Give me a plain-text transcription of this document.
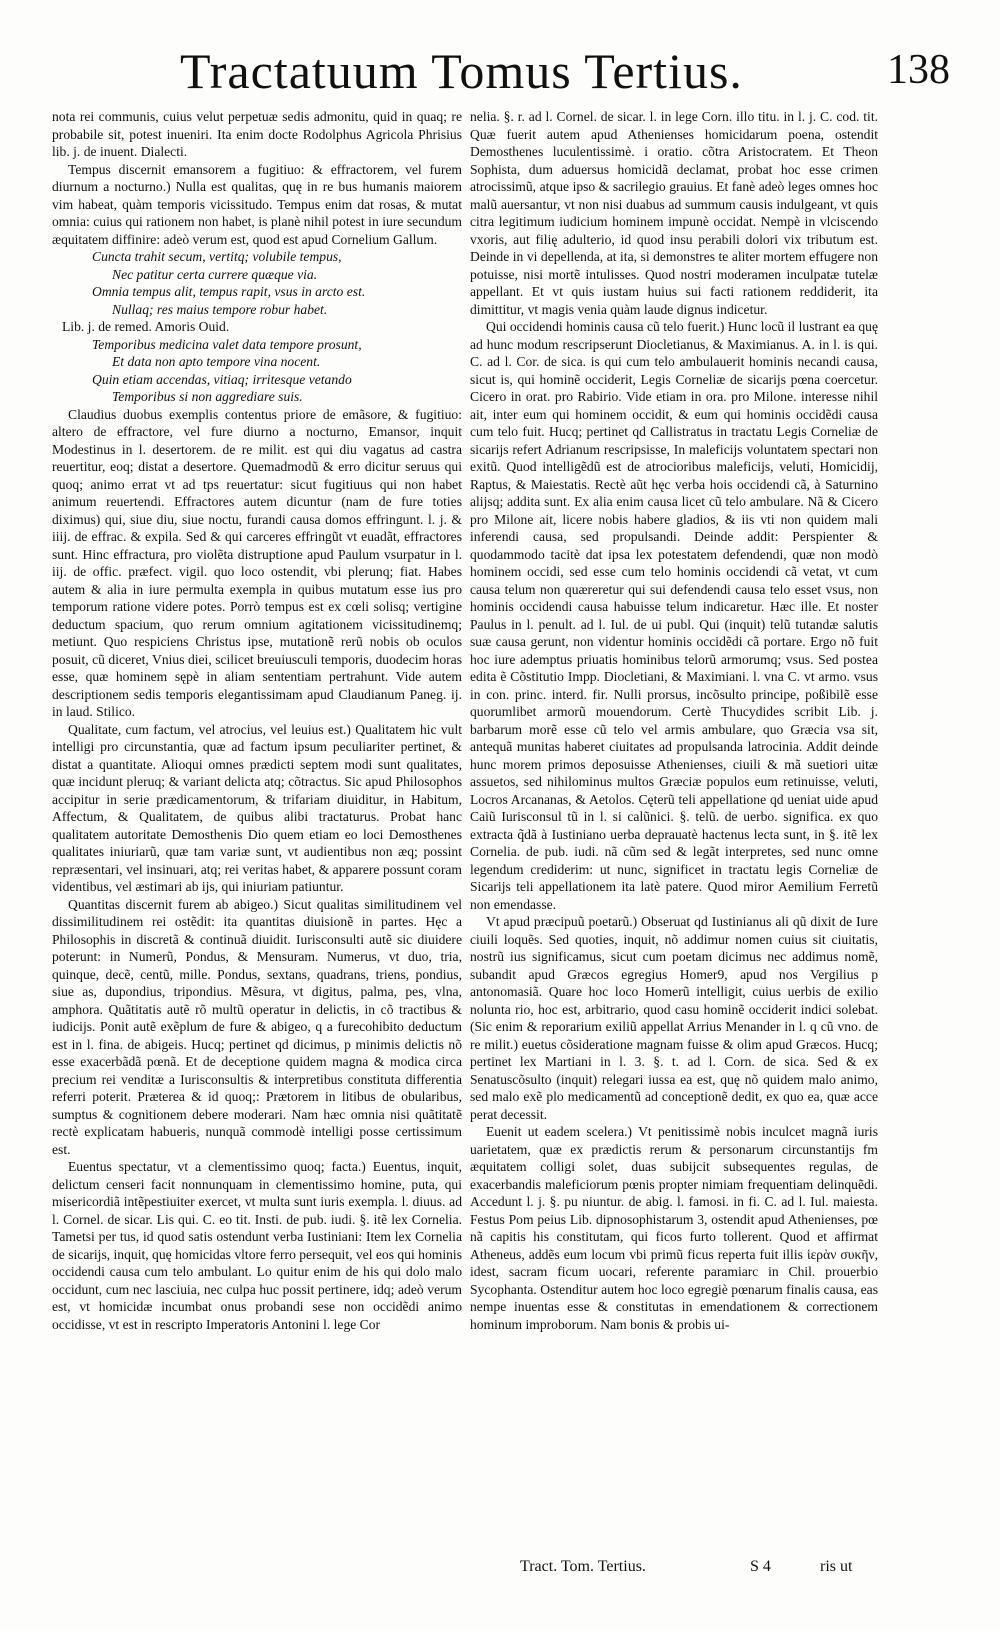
Tractatuum Tomus Tertius.	138

nota rei communis, cuius velut perpetuæ sedis admonitu, quid in quaq; re probabile sit, potest inueniri. Ita enim docte Rodolphus Agricola Phrisius lib. j. de inuent. Dialecti.

Tempus discernit emansorem a fugitiuo: & effractorem, vel furem diurnum a nocturno.) Nulla est qualitas, quę in re bus humanis maiorem vim habeat, quàm temporis vicissitudo. Tempus enim dat rosas, & mutat omnia: cuius qui rationem non habet, is planè nihil potest in iure secundum æquitatem diffinire: adeò verum est, quod est apud Cornelium Gallum.

Cuncta trahit secum, vertitq; volubile tempus,

Nec patitur certa currere quæque via.

Omnia tempus alit, tempus rapit, vsus in arcto est.

Nullaq; res maius tempore robur habet.

Lib. j. de remed. Amoris Ouid.

Temporibus medicina valet data tempore prosunt,

Et data non apto tempore vina nocent.

Quin etiam accendas, vitiaq; irritesque vetando

Temporibus si non aggrediare suis.

Claudius duobus exemplis contentus priore de emãsore, & fugitiuo: altero de effractore, vel fure diurno a nocturno, Emansor, inquit Modestinus in l. desertorem. de re milit. est qui diu vagatus ad castra reuertitur, eoq; distat a desertore. Quemadmodũ & erro dicitur seruus qui quoq; animo errat vt ad tps reuertatur: sicut fugitiuus qui non habet animum reuertendi. Effractores autem dicuntur (nam de fure toties diximus) qui, siue diu, siue noctu, furandi causa domos effringunt. l. j. & iiij. de effrac. & expila. Sed & qui carceres effringũt vt euadãt, effractores sunt. Hinc effractura, pro violẽta distruptione apud Paulum vsurpatur in l. iij. de offic. præfect. vigil. quo loco ostendit, vbi plerunq; fiat. Habes autem & alia in iure permulta exempla in quibus mutatum esse ius pro temporum ratione videre potes. Porrò tempus est ex cœli solisq; vertigine deductum spacium, quo rerum omnium agitationem vicissitudinemq; metiunt. Quo respiciens Christus ipse, mutationẽ rerũ nobis ob oculos posuit, cũ diceret, Vnius diei, scilicet breuiusculi temporis, duodecim horas esse, quæ hominem sępè in aliam sententiam pertrahunt. Vide autem descriptionem sedis temporis elegantissimam apud Claudianum Paneg. ij. in laud. Stilico.

Qualitate, cum factum, vel atrocius, vel leuius est.) Qualitatem hic vult intelligi pro circunstantia, quæ ad factum ipsum peculiariter pertinet, & distat a quantitate. Alioqui omnes prædicti septem modi sunt qualitates, quæ incidunt pleruq; & variant delicta atq; cõtractus. Sic apud Philosophos accipitur in serie prædicamentorum, & trifariam diuiditur, in Habitum, Affectum, & Qualitatem, de quibus alibi tractaturus. Probat hanc qualitatem autoritate Demosthenis Dio quem etiam eo loci Demosthenes qualitates iniuriarũ, quæ tam variæ sunt, vt audientibus non æq; possint repræsentari, vel insinuari, atq; rei veritas habet, & apparere possunt coram videntibus, vel æstimari ab ijs, qui iniuriam patiuntur.

Quantitas discernit furem ab abigeo.) Sicut qualitas similitudinem vel dissimilitudinem rei ostẽdit: ita quantitas diuisionẽ in partes. Hęc a Philosophis in discretã & continuã diuidit. Iurisconsulti autẽ sic diuidere poterunt: in Numerũ, Pondus, & Mensuram. Numerus, vt duo, tria, quinque, decẽ, centũ, mille. Pondus, sextans, quadrans, triens, pondius, siue as, dupondius, tripondius. Mẽsura, vt digitus, palma, pes, vlna, amphora. Quãtitatis autẽ rõ multũ operatur in delictis, in cõ tractibus & iudicijs. Ponit autẽ exẽplum de fure & abigeo, q a furecohibito deductum est in l. fina. de abigeis. Hucq; pertinet qd dicimus, p minimis delictis nõ esse exacerbãdã pœnã. Et de deceptione quidem magna & modica circa precium rei venditæ a Iurisconsultis & interpretibus constituta differentia referri poterit. Præterea & id quoq;: Prætorem in litibus de obularibus, sumptus & cognitionem debere moderari. Nam hæc omnia nisi quãtitatẽ rectè explicatam habueris, nunquã commodè intelligi posse certissimum est.

Euentus spectatur, vt a clementissimo quoq; facta.) Euentus, inquit, delictum censeri facit nonnunquam in clementissimo homine, puta, qui misericordiã intẽpestiuiter exercet, vt multa sunt iuris exempla. l. diuus. ad l. Cornel. de sicar. Lis qui. C. eo tit. Insti. de pub. iudi. §. itẽ lex Cornelia. Tametsi per tus, id quod satis ostendunt verba Iustiniani: Item lex Cornelia de sicarijs, inquit, quę homicidas vltore ferro persequit, vel eos qui hominis occidendi causa cum telo ambulant. Lo quitur enim de his qui dolo malo occidunt, cum nec lasciuia, nec culpa huc possit pertinere, idq; adeò verum est, vt homicidæ incumbat onus probandi sese non occidẽdi animo occidisse, vt est in rescripto Imperatoris Antonini l. lege Cor

nelia. §. r. ad l. Cornel. de sicar. l. in lege Corn. illo titu. in l. j. C. cod. tit. Quæ fuerit autem apud Athenienses homicidarum poena, ostendit Demosthenes luculentissimè. i oratio. cõtra Aristocratem. Et Theon Sophista, dum aduersus homicidã declamat, probat hoc esse crimen atrocissimũ, atque ipso & sacrilegio grauius. Et fanè adeò leges omnes hoc malũ auersantur, vt non nisi duabus ad summum causis indulgeant, vt quis citra legitimum iudicium hominem impunè occidat. Nempè in vlciscendo vxoris, aut filię adulterio, id quod insu perabili dolori vix tributum est. Deinde in vi depellenda, at ita, si demonstres te aliter mortem effugere non potuisse, nisi mortẽ intulisses. Quod nostri moderamen inculpatæ tutelæ appellant. Et vt quis iustam huius sui facti rationem reddiderit, ita dimittitur, vt magis venia quàm laude dignus indicetur.

Qui occidendi hominis causa cũ telo fuerit.) Hunc locũ il lustrant ea quę ad hunc modum rescripserunt Diocletianus, & Maximianus. A. in l. is qui. C. ad l. Cor. de sica. is qui cum telo ambulauerit hominis necandi causa, sicut is, qui hominẽ occiderit, Legis Corneliæ de sicarijs pœna coercetur. Cicero in orat. pro Rabirio. Vide etiam in ora. pro Milone. interesse nihil ait, inter eum qui hominem occidit, & eum qui hominis occidẽdi causa cum telo fuit. Hucq; pertinet qd Callistratus in tractatu Legis Corneliæ de sicarijs refert Adrianum rescripsisse, In maleficijs voluntatem spectari non exitũ. Quod intelligẽdũ est de atrocioribus maleficijs, veluti, Homicidij, Raptus, & Maiestatis. Rectè aũt hęc verba hois occidendi cã, à Saturnino alijsq; addita sunt. Ex alia enim causa licet cũ telo ambulare. Nã & Cicero pro Milone ait, licere nobis habere gladios, & iis vti non quidem mali inferendi causa, sed propulsandi. Deinde addit: Perspienter & quodammodo tacitè dat ipsa lex potestatem defendendi, quæ non modò hominem occidi, sed esse cum telo hominis occidendi cã vetat, vt cum causa telum non quæreretur qui sui defendendi causa telo esset vsus, non hominis occidendi causa habuisse telum indicaretur. Hæc ille. Et noster Paulus in l. penult. ad l. Iul. de ui publ. Qui (inquit) telũ tutandæ salutis suæ causa gerunt, non videntur hominis occidẽdi cã portare. Ergo nõ fuit hoc iure ademptus priuatis hominibus telorũ armorumq; vsus. Sed postea edita ẽ Cõstitutio Impp. Diocletiani, & Maximiani. l. vna C. vt armo. vsus in con. princ. interd. fir. Nulli prorsus, incõsulto principe, poßibilẽ esse quorumlibet armorũ mouendorum. Certè Thucydides scribit Lib. j. barbarum morẽ esse cũ telo vel armis ambulare, quo Græcia vsa sit, antequã munitas haberet ciuitates ad propulsanda latrocinia. Addit deinde hunc morem primos deposuisse Athenienses, ciuili & mã suetiori uitæ assuetos, sed nihilominus multos Græciæ populos eum retinuisse, veluti, Locros Arcananas, & Aetolos. Cęterũ teli appellatione qd ueniat uide apud Caiũ Iurisconsul tũ in l. si calũnici. §. telũ. de uerbo. significa. ex quo extracta q̃dã à Iustiniano uerba deprauatè hactenus lecta sunt, in §. itẽ lex Cornelia. de pub. iudi. nã cũm sed & legãt interpretes, sed nunc omne legendum crediderim: ut nunc, significet in tractatu legis Corneliæ de Sicarijs teli appellationem ita latè patere. Quod miror Aemilium Ferretũ non emendasse.

Vt apud præcipuũ poetarũ.) Obseruat qd Iustinianus ali qũ dixit de Iure ciuili loquẽs. Sed quoties, inquit, nõ addimur nomen cuius sit ciuitatis, nostrũ ius significamus, sicut cum poetam dicimus nec addimus nomẽ, subandit apud Græcos egregius Homer9, apud nos Vergilius p antonomasiã. Quare hoc loco Homerũ intelligit, cuius uerbis de exilio nolunta rio, hoc est, arbitrario, quod casu hominẽ occiderit indici solebat. (Sic enim & reporarium exiliũ appellat Arrius Menander in l. q cũ vno. de re milit.) euetus cõsideratione magnam fuisse & olim apud Græcos. Hucq; pertinet lex Martiani in l. 3. §. t. ad l. Corn. de sica. Sed & ex Senatuscõsulto (inquit) relegari iussa ea est, quę nõ quidem malo animo, sed malo exẽ plo medicamentũ ad conceptionẽ dedit, ex quo ea, quæ acce perat decessit.

Euenit ut eadem scelera.) Vt penitissimè nobis inculcet magnã iuris uarietatem, quæ ex prædictis rerum & personarum circunstantijs fm æquitatem colligi solet, duas subijcit subsequentes regulas, de exacerbandis maleficiorum pœnis propter nimiam frequentiam delinquẽdi. Accedunt l. j. §. pu niuntur. de abig. l. famosi. in fi. C. ad l. Iul. maiesta. Festus Pom peius Lib. dipnosophistarum 3, ostendit apud Athenienses, pœ nã capitis his constitutam, qui ficos furto tollerent. Quod et affirmat Atheneus, addẽs eum locum vbi primũ ficus reperta fuit illis ἱερὰν συκῆν, idest, sacram ficum uocari, referente paramiarc in Chil. prouerbio Sycophanta. Ostenditur autem hoc loco egregiè pœnarum finalis causa, eas nempe inuentas esse & constitutas in emendationem & correctionem hominum improborum. Nam bonis & probis ui-

Tract. Tom. Tertius.	S 4	ris ut
